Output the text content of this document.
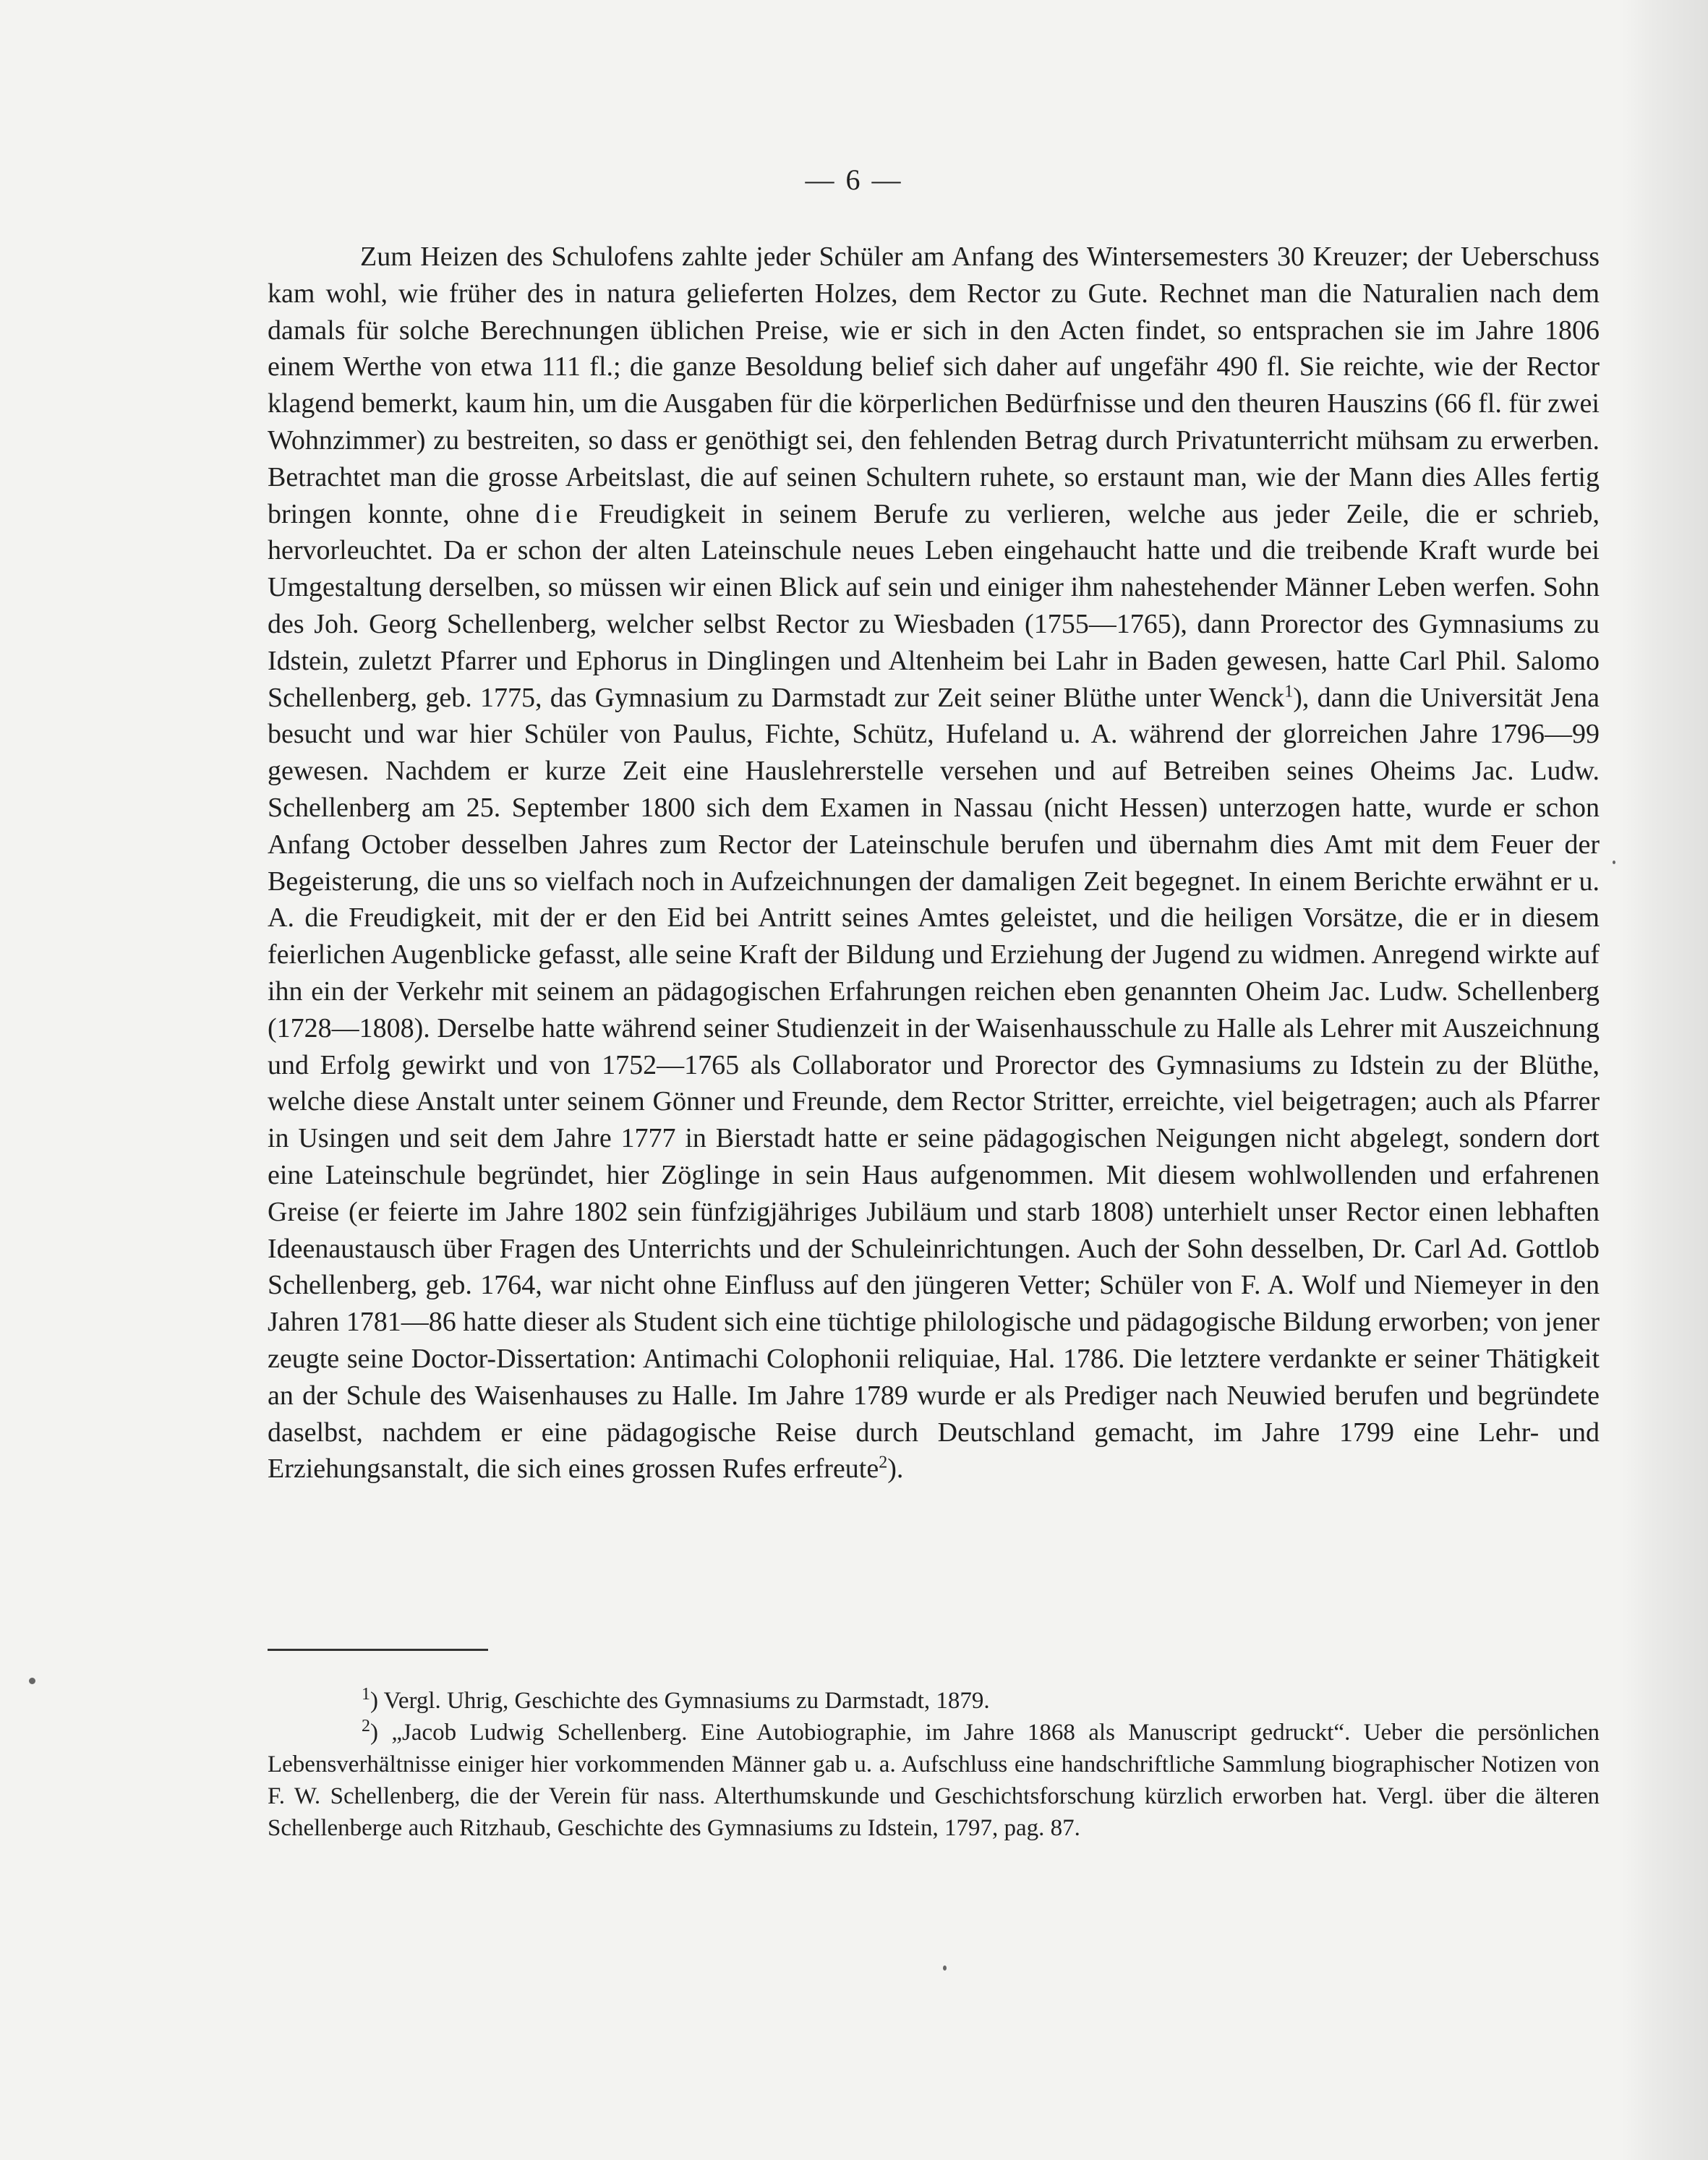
— 6 —

Zum Heizen des Schulofens zahlte jeder Schüler am Anfang des Wintersemesters 30 Kreuzer; der Ueberschuss kam wohl, wie früher des in natura gelieferten Holzes, dem Rector zu Gute. Rechnet man die Naturalien nach dem damals für solche Berechnungen üblichen Preise, wie er sich in den Acten findet, so entsprachen sie im Jahre 1806 einem Werthe von etwa 111 fl.; die ganze Besoldung belief sich daher auf ungefähr 490 fl. Sie reichte, wie der Rector klagend bemerkt, kaum hin, um die Ausgaben für die körperlichen Bedürfnisse und den theuren Hauszins (66 fl. für zwei Wohnzimmer) zu bestreiten, so dass er genöthigt sei, den fehlenden Betrag durch Privatunterricht mühsam zu erwerben. Betrachtet man die grosse Arbeitslast, die auf seinen Schultern ruhete, so erstaunt man, wie der Mann dies Alles fertig bringen konnte, ohne die Freudigkeit in seinem Berufe zu verlieren, welche aus jeder Zeile, die er schrieb, hervorleuchtet. Da er schon der alten Lateinschule neues Leben eingehaucht hatte und die treibende Kraft wurde bei Umgestaltung derselben, so müssen wir einen Blick auf sein und einiger ihm nahestehender Männer Leben werfen. Sohn des Joh. Georg Schellenberg, welcher selbst Rector zu Wiesbaden (1755—1765), dann Prorector des Gymnasiums zu Idstein, zuletzt Pfarrer und Ephorus in Dinglingen und Altenheim bei Lahr in Baden gewesen, hatte Carl Phil. Salomo Schellenberg, geb. 1775, das Gymnasium zu Darmstadt zur Zeit seiner Blüthe unter Wenck$^1$), dann die Universität Jena besucht und war hier Schüler von Paulus, Fichte, Schütz, Hufeland u. A. während der glorreichen Jahre 1796—99 gewesen. Nachdem er kurze Zeit eine Hauslehrerstelle versehen und auf Betreiben seines Oheims Jac. Ludw. Schellenberg am 25. September 1800 sich dem Examen in Nassau (nicht Hessen) unterzogen hatte, wurde er schon Anfang October desselben Jahres zum Rector der Lateinschule berufen und übernahm dies Amt mit dem Feuer der Begeisterung, die uns so vielfach noch in Aufzeichnungen der damaligen Zeit begegnet. In einem Berichte erwähnt er u. A. die Freudigkeit, mit der er den Eid bei Antritt seines Amtes geleistet, und die heiligen Vorsätze, die er in diesem feierlichen Augenblicke gefasst, alle seine Kraft der Bildung und Erziehung der Jugend zu widmen. Anregend wirkte auf ihn ein der Verkehr mit seinem an pädagogischen Erfahrungen reichen eben genannten Oheim Jac. Ludw. Schellenberg (1728—1808). Derselbe hatte während seiner Studienzeit in der Waisenhausschule zu Halle als Lehrer mit Auszeichnung und Erfolg gewirkt und von 1752—1765 als Collaborator und Prorector des Gymnasiums zu Idstein zu der Blüthe, welche diese Anstalt unter seinem Gönner und Freunde, dem Rector Stritter, erreichte, viel beigetragen; auch als Pfarrer in Usingen und seit dem Jahre 1777 in Bierstadt hatte er seine pädagogischen Neigungen nicht abgelegt, sondern dort eine Lateinschule begründet, hier Zöglinge in sein Haus aufgenommen. Mit diesem wohlwollenden und erfahrenen Greise (er feierte im Jahre 1802 sein fünfzigjähriges Jubiläum und starb 1808) unterhielt unser Rector einen lebhaften Ideenaustausch über Fragen des Unterrichts und der Schuleinrichtungen. Auch der Sohn desselben, Dr. Carl Ad. Gottlob Schellenberg, geb. 1764, war nicht ohne Einfluss auf den jüngeren Vetter; Schüler von F. A. Wolf und Niemeyer in den Jahren 1781—86 hatte dieser als Student sich eine tüchtige philologische und pädagogische Bildung erworben; von jener zeugte seine Doctor-Dissertation: Antimachi Colophonii reliquiae, Hal. 1786. Die letztere verdankte er seiner Thätigkeit an der Schule des Waisenhauses zu Halle. Im Jahre 1789 wurde er als Prediger nach Neuwied berufen und begründete daselbst, nachdem er eine pädagogische Reise durch Deutschland gemacht, im Jahre 1799 eine Lehr- und Erziehungsanstalt, die sich eines grossen Rufes erfreute$^2$).

$^1$) Vergl. Uhrig, Geschichte des Gymnasiums zu Darmstadt, 1879.

$^2$) „Jacob Ludwig Schellenberg. Eine Autobiographie, im Jahre 1868 als Manuscript gedruckt“. Ueber die persönlichen Lebensverhältnisse einiger hier vorkommenden Männer gab u. a. Aufschluss eine handschriftliche Sammlung biographischer Notizen von F. W. Schellenberg, die der Verein für nass. Alterthumskunde und Geschichtsforschung kürzlich erworben hat. Vergl. über die älteren Schellenberge auch Ritzhaub, Geschichte des Gymnasiums zu Idstein, 1797, pag. 87.
